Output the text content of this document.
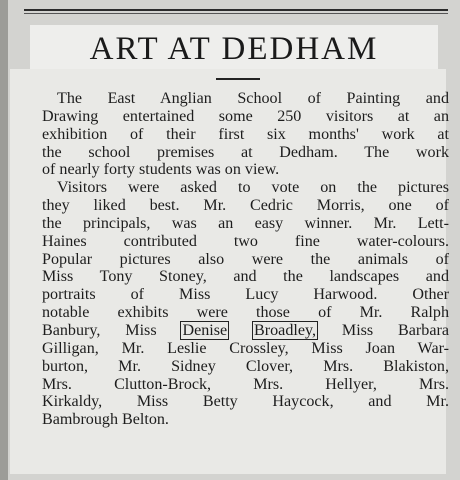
ART AT DEDHAM
The East Anglian School of Painting and
Drawing entertained some 250 visitors at an
exhibition of their first six months' work at
the school premises at Dedham. The work
of nearly forty students was on view.
Visitors were asked to vote on the pictures
they liked best. Mr. Cedric Morris, one of
the principals, was an easy winner. Mr. Lett-
Haines contributed two fine water-colours.
Popular pictures also were the animals of
Miss Tony Stoney, and the landscapes and
portraits of Miss Lucy Harwood. Other
notable exhibits were those of Mr. Ralph
Banbury, Miss Denise Broadley, Miss Barbara
Gilligan, Mr. Leslie Crossley, Miss Joan War-
burton, Mr. Sidney Clover, Mrs. Blakiston,
Mrs. Clutton-Brock, Mrs. Hellyer, Mrs.
Kirkaldy, Miss Betty Haycock, and Mr.
Bambrough Belton.
